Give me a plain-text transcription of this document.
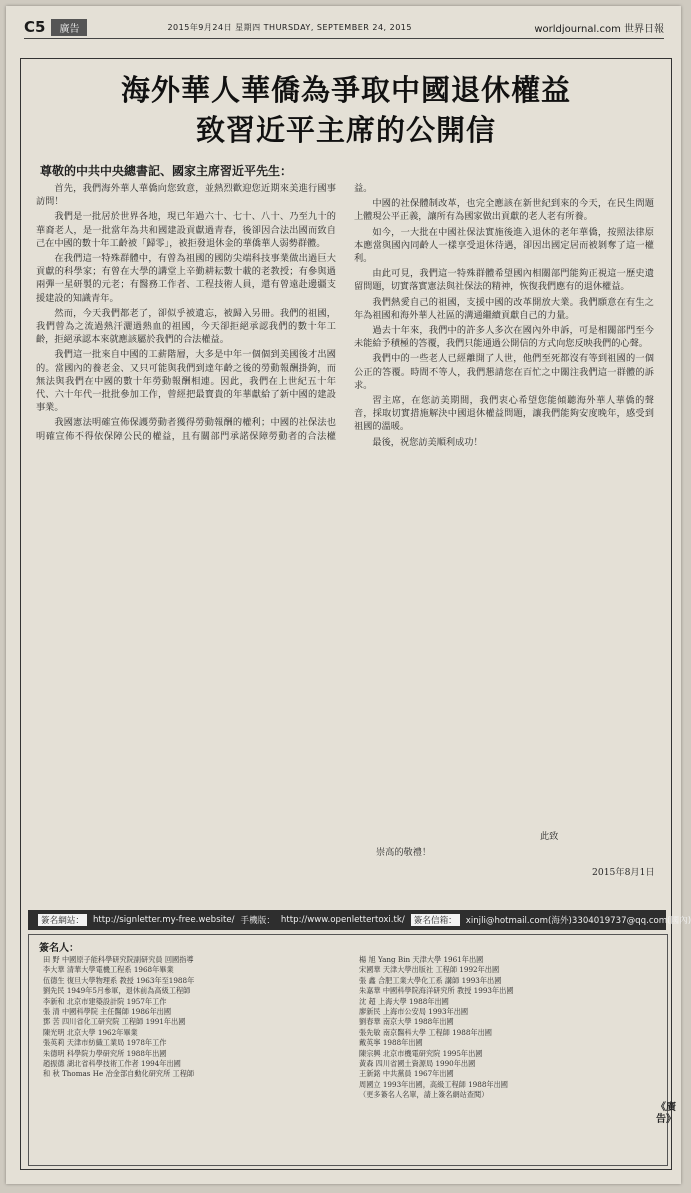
C5	廣告	2015年9月24日 星期四 THURSDAY, SEPTEMBER 24, 2015	worldjournal.com 世界日報
海外華人華僑為爭取中國退休權益
致習近平主席的公開信
尊敬的中共中央總書記、國家主席習近平先生：

首先，我們海外華人華僑向您致意，並熱烈歡迎您近期來美進行國事訪問！

我們是一批居於世界各地，現已年過六十、七十、八十、乃至九十的華裔老人，是一批當年為共和國建設貢獻過青春，後卻因合法出國而致自己在中國的數十年工齡被「歸零」，被拒發退休金的華僑華人弱勢群體。

在我們這一特殊群體中，有曾為祖國的國防尖端科技事業做出過巨大貢獻的科學家；有曾在大學的講堂上辛勤耕耘數十載的老教授；有參與過兩彈一星研製的元老；有醫務工作者、工程技術人員，還有曾遠赴邊疆支援建設的知識青年。

然而，今天我們都老了，卻似乎被遺忘，被歸入另冊。我們的祖國，我們曾為之流過熱汗灑過熱血的祖國，今天卻拒絕承認我們的數十年工齡，拒絕承認本來就應該屬於我們的合法權益。

我們這一批來自中國的工薪階層，大多是中年一個個到美國後才出國的。當國內的養老金、又只可能與我們到達年齡之後的勞動報酬掛鉤，而無法與我們在中國的數十年勞動報酬相連。因此，我們在上世紀五十年代、六十年代一批批參加工作，曾經把最寶貴的年華獻給了新中國的建設事業。

我國憲法明確宣佈保護勞動者獲得勞動報酬的權利；中國的社保法也明確宣佈不得依保障公民的權益，且有關部門承諾保障勞動者的合法權益。

中國的社保體制改革，也完全應該在新世紀到來的今天，在民生問題上體現公平正義，讓所有為國家做出貢獻的老人老有所養。

如今，一大批在中國社保法實施後進入退休的老年華僑，按照法律原本應當與國內同齡人一樣享受退休待遇，卻因出國定居而被剝奪了這一權利。

由此可見，我們這一特殊群體希望國內相關部門能夠正視這一歷史遺留問題，切實落實憲法與社保法的精神，恢復我們應有的退休權益。

我們熱愛自己的祖國，支援中國的改革開放大業。我們願意在有生之年為祖國和海外華人社區的溝通繼續貢獻自己的力量。

過去十年來，我們中的許多人多次在國內外申訴，可是相關部門至今未能給予積極的答覆，我們只能通過公開信的方式向您反映我們的心聲。

我們中的一些老人已經離開了人世，他們至死都沒有等到祖國的一個公正的答覆。時間不等人，我們懇請您在百忙之中關注我們這一群體的訴求。

習主席，在您訪美期間，我們衷心希望您能傾聽海外華人華僑的聲音，採取切實措施解決中國退休權益問題，讓我們能夠安度晚年，感受到祖國的溫暖。

最後，祝您訪美順利成功！

此致
崇高的敬禮！
2015年8月1日
簽名網站：	http://signletter.my-free.website/ 手機版： http://www.openlettertoxi.tk/	簽名信箱：	xinjli@hotmail.com(海外)3304019737@qq.com(國內)
簽名人：
田 野 中國原子能科學研究院副研究員 回國指導
李大華 清華大學電機工程系 1968年畢業
伍德生 復旦大學物理系 教授 1963年至1988年
劉先民 1949年5月參軍，退休前為高級工程師
李新和 北京市建築設計院 1957年工作
張 清 中國科學院 主任醫師 1986年出國
鄧 苦 四川省化工研究院 工程師 1991年出國
陳光明 北京大學 1962年畢業
張英莉 天津市紡織工業局 1978年工作
朱德明 科學院力學研究所 1988年出國
趙振德 湖北省科學技術工作者 1994年出國
和 秋 Thomas He 冶金部自動化研究所 工程師
楊 旭 Yang Bin 天津大學 1961年出國
宋國華 天津大學出版社 工程師 1992年出國
張 鑫 合肥工業大學化工系 講師 1993年出國
朱嘉華 中國科學院海洋研究所 教授 1993年出國
沈 超 上海大學 1988年出國
廖新民 上海市公安局 1993年出國
劉春華 南京大學 1988年出國
張先敏 南京醫科大學 工程師 1988年出國
戴英寧 1988年出國
陳宗興 北京市機電研究院 1995年出國
黃森 四川省國土資源局 1990年出國
王新銘 中共黨員 1967年出國
周國立 1993年出國，高級工程師 1988年出國
（更多簽名人名單，請上簽名網站查閱）
《廣告》
